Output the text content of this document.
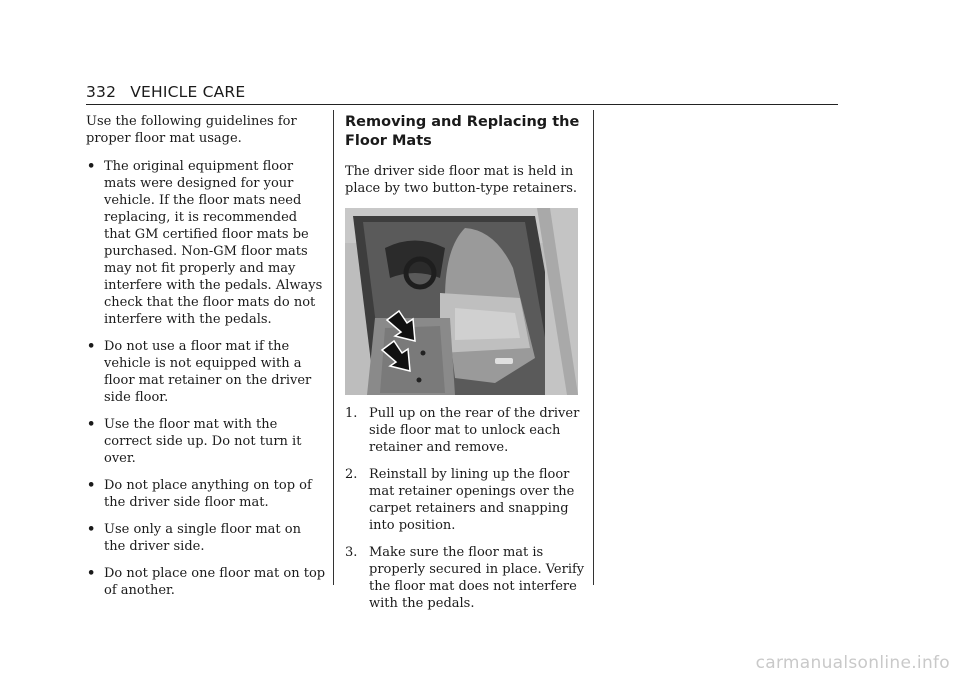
332 VEHICLE CARE

Use the following guidelines for proper floor mat usage.

• The original equipment floor mats were designed for your vehicle. If the floor mats need replacing, it is recommended that GM certified floor mats be purchased. Non-GM floor mats may not fit properly and may interfere with the pedals. Always check that the floor mats do not interfere with the pedals.
• Do not use a floor mat if the vehicle is not equipped with a floor mat retainer on the driver side floor.
• Use the floor mat with the correct side up. Do not turn it over.
• Do not place anything on top of the driver side floor mat.
• Use only a single floor mat on the driver side.
• Do not place one floor mat on top of another.
Removing and Replacing the Floor Mats

The driver side floor mat is held in place by two button-type retainers.

1. Pull up on the rear of the driver side floor mat to unlock each retainer and remove.
2. Reinstall by lining up the floor mat retainer openings over the carpet retainers and snapping into position.
3. Make sure the floor mat is properly secured in place. Verify the floor mat does not interfere with the pedals.
carmanualsonline.info
